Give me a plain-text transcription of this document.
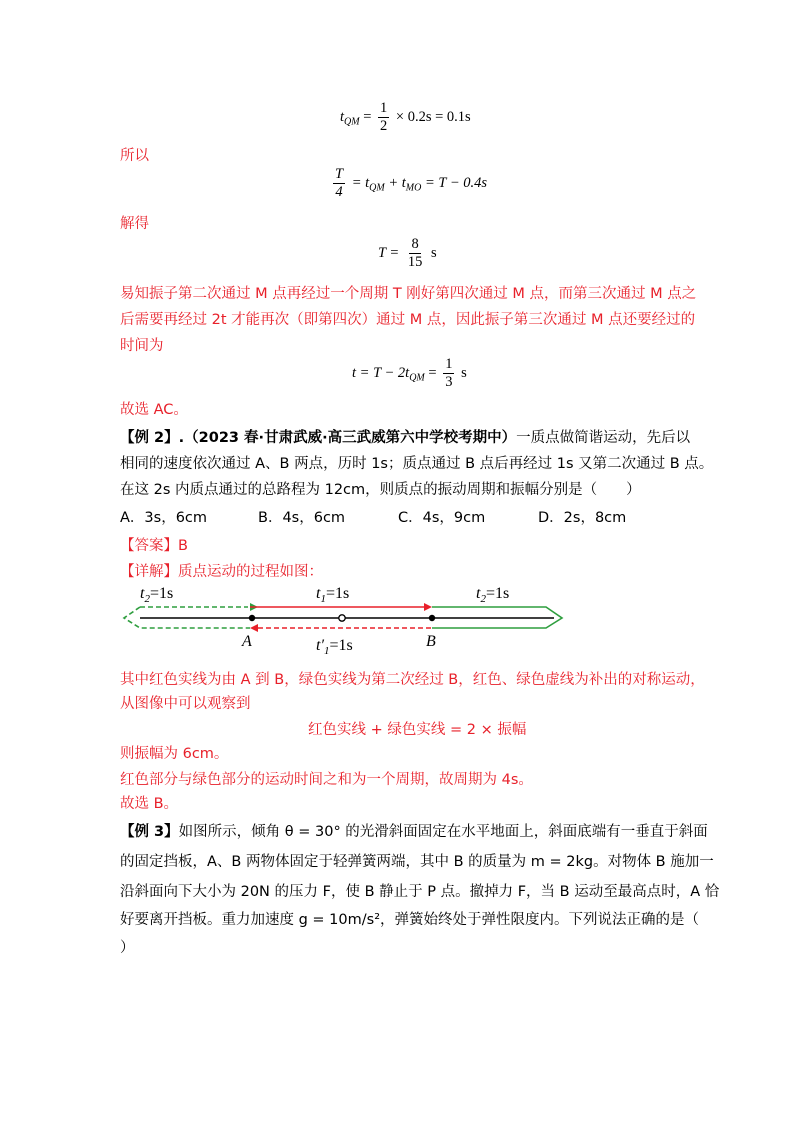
$t_{QM} = \frac{1}{2} \times 0.2s = 0.1s$
所以
$\frac{T}{4} = t_{QM} + t_{MO} = T - 0.4s$
解得
$T = \frac{8}{15}$ s
易知振子第二次通过 M 点再经过一个周期 T 刚好第四次通过 M 点，而第三次通过 M 点之
后需要再经过 2t 才能再次（即第四次）通过 M 点，因此振子第三次通过 M 点还要经过的
时间为
$t = T - 2t_{QM} = \frac{1}{3}$ s
故选 AC。
【例 2】.（2023 春·甘肃武威·高三武威第六中学校考期中）一质点做简谐运动，先后以
相同的速度依次通过 A、B 两点，历时 1s；质点通过 B 点后再经过 1s 又第二次通过 B 点。
在这 2s 内质点通过的总路程为 12cm，则质点的振动周期和振幅分别是（　　）
A．3s，6cm	B．4s，6cm	C．4s，9cm	D．2s，8cm
【答案】B
【详解】质点运动的过程如图：
$t_2=1s$	$t_1=1s$	$t_2=1s$
A	$t'_1=1s$	B
其中红色实线为由 A 到 B，绿色实线为第二次经过 B，红色、绿色虚线为补出的对称运动，
从图像中可以观察到
红色实线 + 绿色实线 = 2 × 振幅
则振幅为 6cm。
红色部分与绿色部分的运动时间之和为一个周期，故周期为 4s。
故选 B。
【例 3】如图所示，倾角 θ = 30° 的光滑斜面固定在水平地面上，斜面底端有一垂直于斜面
的固定挡板，A、B 两物体固定于轻弹簧两端，其中 B 的质量为 m = 2kg。对物体 B 施加一
沿斜面向下大小为 20N 的压力 F，使 B 静止于 P 点。撤掉力 F，当 B 运动至最高点时，A 恰
好要离开挡板。重力加速度 g = 10m/s²，弹簧始终处于弹性限度内。下列说法正确的是（
）
